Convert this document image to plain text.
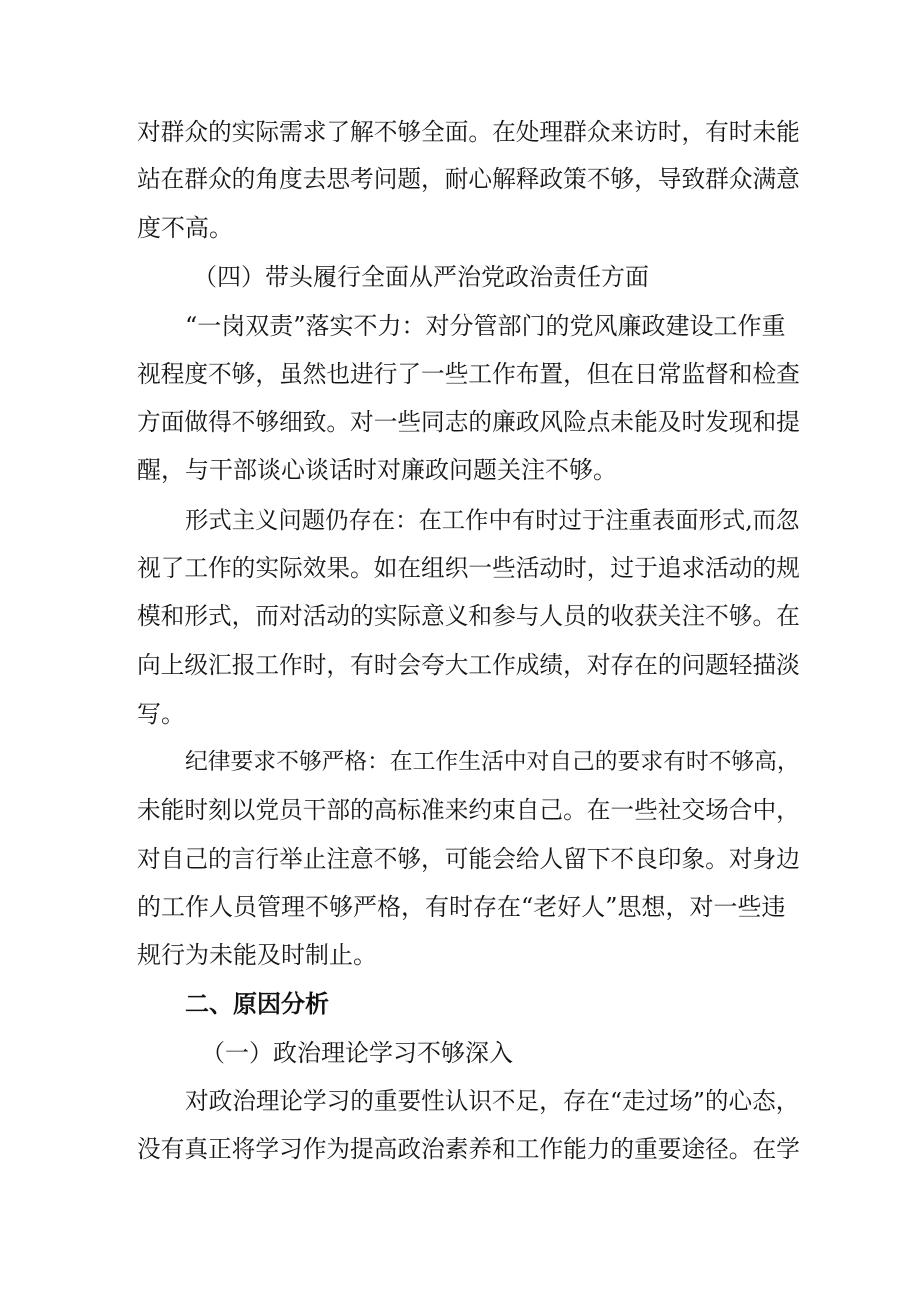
对群众的实际需求了解不够全面。在处理群众来访时，有时未能

站在群众的角度去思考问题，耐心解释政策不够，导致群众满意

度不高。

（四）带头履行全面从严治党政治责任方面

“一岗双责”落实不力：对分管部门的党风廉政建设工作重

视程度不够，虽然也进行了一些工作布置，但在日常监督和检查

方面做得不够细致。对一些同志的廉政风险点未能及时发现和提

醒，与干部谈心谈话时对廉政问题关注不够。

形式主义问题仍存在：在工作中有时过于注重表面形式,而忽

视了工作的实际效果。如在组织一些活动时，过于追求活动的规

模和形式，而对活动的实际意义和参与人员的收获关注不够。在

向上级汇报工作时，有时会夸大工作成绩，对存在的问题轻描淡

写。

纪律要求不够严格：在工作生活中对自己的要求有时不够高，

未能时刻以党员干部的高标准来约束自己。在一些社交场合中，

对自己的言行举止注意不够，可能会给人留下不良印象。对身边

的工作人员管理不够严格，有时存在“老好人”思想，对一些违

规行为未能及时制止。

二、原因分析

（一）政治理论学习不够深入

对政治理论学习的重要性认识不足，存在“走过场”的心态，

没有真正将学习作为提高政治素养和工作能力的重要途径。在学
